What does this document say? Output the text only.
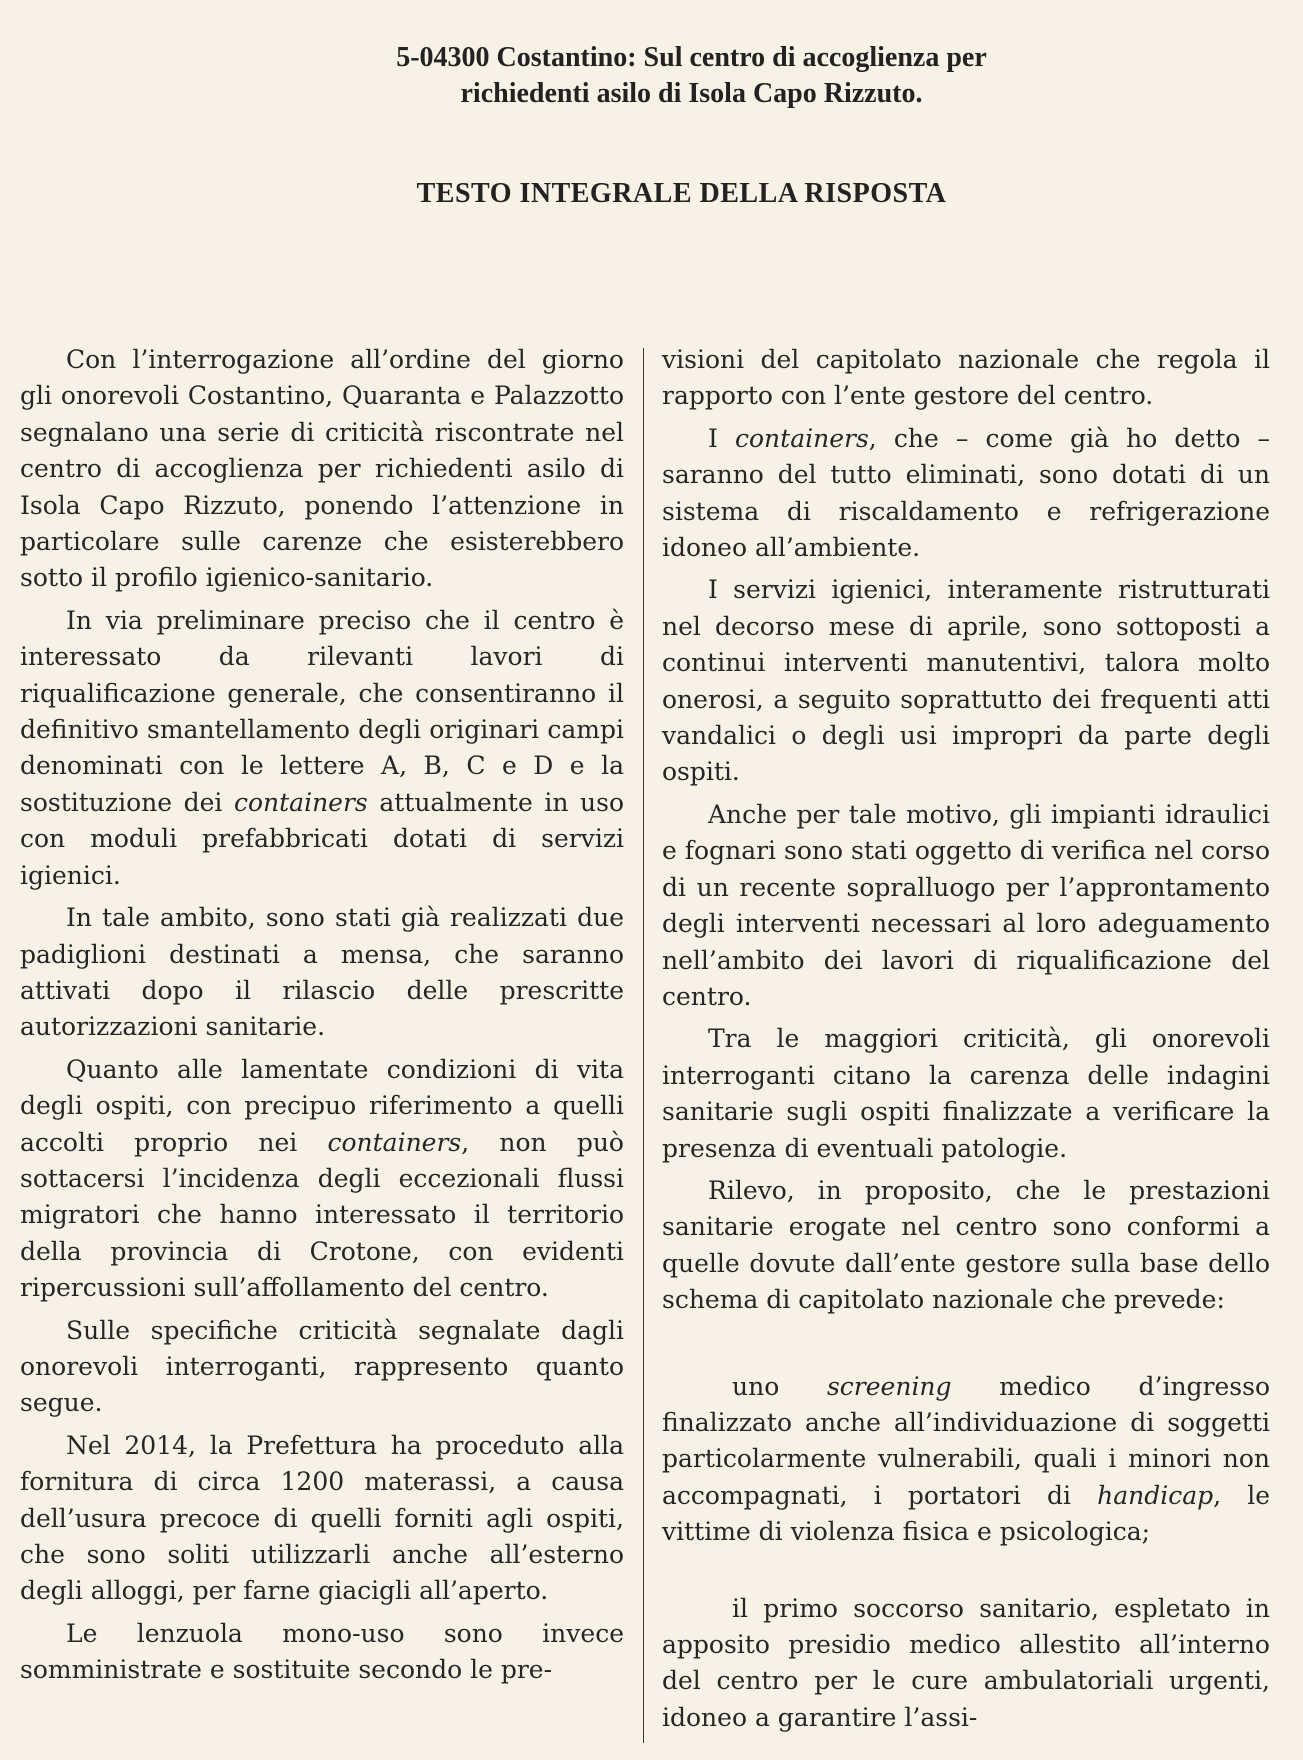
5-04300 Costantino: Sul centro di accoglienza per
richiedenti asilo di Isola Capo Rizzuto.
TESTO INTEGRALE DELLA RISPOSTA

Con l’interrogazione all’ordine del giorno gli onorevoli Costantino, Quaranta e Palazzotto segnalano una serie di criticità riscontrate nel centro di accoglienza per richiedenti asilo di Isola Capo Rizzuto, ponendo l’attenzione in particolare sulle carenze che esisterebbero sotto il profilo igienico-sanitario.

In via preliminare preciso che il centro è interessato da rilevanti lavori di riqualificazione generale, che consentiranno il definitivo smantellamento degli originari campi denominati con le lettere A, B, C e D e la sostituzione dei containers attualmente in uso con moduli prefabbricati dotati di servizi igienici.

In tale ambito, sono stati già realizzati due padiglioni destinati a mensa, che saranno attivati dopo il rilascio delle prescritte autorizzazioni sanitarie.

Quanto alle lamentate condizioni di vita degli ospiti, con precipuo riferimento a quelli accolti proprio nei containers, non può sottacersi l’incidenza degli eccezionali flussi migratori che hanno interessato il territorio della provincia di Crotone, con evidenti ripercussioni sull’affollamento del centro.

Sulle specifiche criticità segnalate dagli onorevoli interroganti, rappresento quanto segue.

Nel 2014, la Prefettura ha proceduto alla fornitura di circa 1200 materassi, a causa dell’usura precoce di quelli forniti agli ospiti, che sono soliti utilizzarli anche all’esterno degli alloggi, per farne giacigli all’aperto.

Le lenzuola mono-uso sono invece somministrate e sostituite secondo le pre-

visioni del capitolato nazionale che regola il rapporto con l’ente gestore del centro.

I containers, che – come già ho detto – saranno del tutto eliminati, sono dotati di un sistema di riscaldamento e refrigerazione idoneo all’ambiente.

I servizi igienici, interamente ristrutturati nel decorso mese di aprile, sono sottoposti a continui interventi manutentivi, talora molto onerosi, a seguito soprattutto dei frequenti atti vandalici o degli usi impropri da parte degli ospiti.

Anche per tale motivo, gli impianti idraulici e fognari sono stati oggetto di verifica nel corso di un recente sopralluogo per l’approntamento degli interventi necessari al loro adeguamento nell’ambito dei lavori di riqualificazione del centro.

Tra le maggiori criticità, gli onorevoli interroganti citano la carenza delle indagini sanitarie sugli ospiti finalizzate a verificare la presenza di eventuali patologie.

Rilevo, in proposito, che le prestazioni sanitarie erogate nel centro sono conformi a quelle dovute dall’ente gestore sulla base dello schema di capitolato nazionale che prevede:

uno screening medico d’ingresso finalizzato anche all’individuazione di soggetti particolarmente vulnerabili, quali i minori non accompagnati, i portatori di handicap, le vittime di violenza fisica e psicologica;

il primo soccorso sanitario, espletato in apposito presidio medico allestito all’interno del centro per le cure ambulatoriali urgenti, idoneo a garantire l’assi-
